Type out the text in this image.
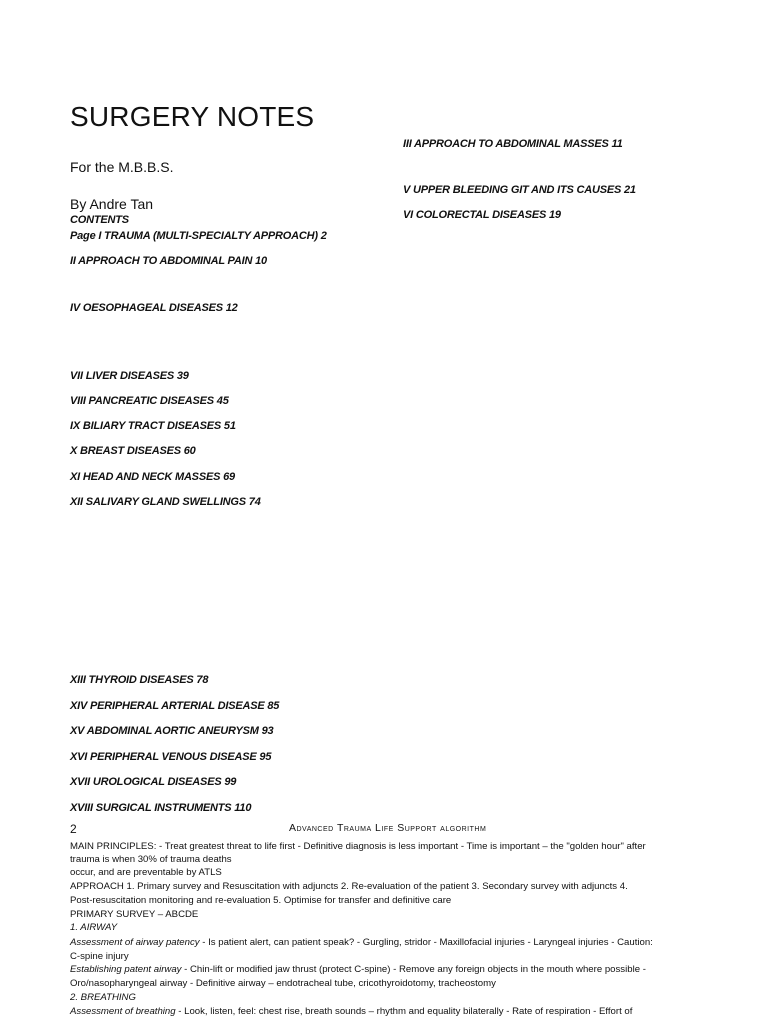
SURGERY NOTES
For the M.B.B.S.
By Andre Tan
CONTENTS
Page I TRAUMA (MULTI-SPECIALTY APPROACH) 2
II APPROACH TO ABDOMINAL PAIN 10
IV OESOPHAGEAL DISEASES 12
VII LIVER DISEASES 39
VIII PANCREATIC DISEASES 45
IX BILIARY TRACT DISEASES 51
X BREAST DISEASES 60
XI HEAD AND NECK MASSES 69
XII SALIVARY GLAND SWELLINGS 74
XIII THYROID DISEASES 78
XIV PERIPHERAL ARTERIAL DISEASE 85
XV ABDOMINAL AORTIC ANEURYSM 93
XVI PERIPHERAL VENOUS DISEASE 95
XVII UROLOGICAL DISEASES 99
XVIII SURGICAL INSTRUMENTS 110
III APPROACH TO ABDOMINAL MASSES 11
V UPPER BLEEDING GIT AND ITS CAUSES 21
VI COLORECTAL DISEASES 19
2	Advanced Trauma Life Support algorithm
MAIN PRINCIPLES: - Treat greatest threat to life first - Definitive diagnosis is less important - Time is important – the "golden hour" after
trauma is when 30% of trauma deaths
occur, and are preventable by ATLS
APPROACH 1. Primary survey and Resuscitation with adjuncts 2. Re-evaluation of the patient 3. Secondary survey with adjuncts 4.
Post-resuscitation monitoring and re-evaluation 5. Optimise for transfer and definitive care
PRIMARY SURVEY – ABCDE
1. AIRWAY
Assessment of airway patency - Is patient alert, can patient speak? - Gurgling, stridor - Maxillofacial injuries - Laryngeal injuries - Caution:
C-spine injury
Establishing patent airway - Chin-lift or modified jaw thrust (protect C-spine) - Remove any foreign objects in the mouth where possible -
Oro/nasopharyngeal airway - Definitive airway – endotracheal tube, cricothyroidotomy, tracheostomy
2. BREATHING
Assessment of breathing - Look, listen, feel: chest rise, breath sounds – rhythm and equality bilaterally - Rate of respiration - Effort of
